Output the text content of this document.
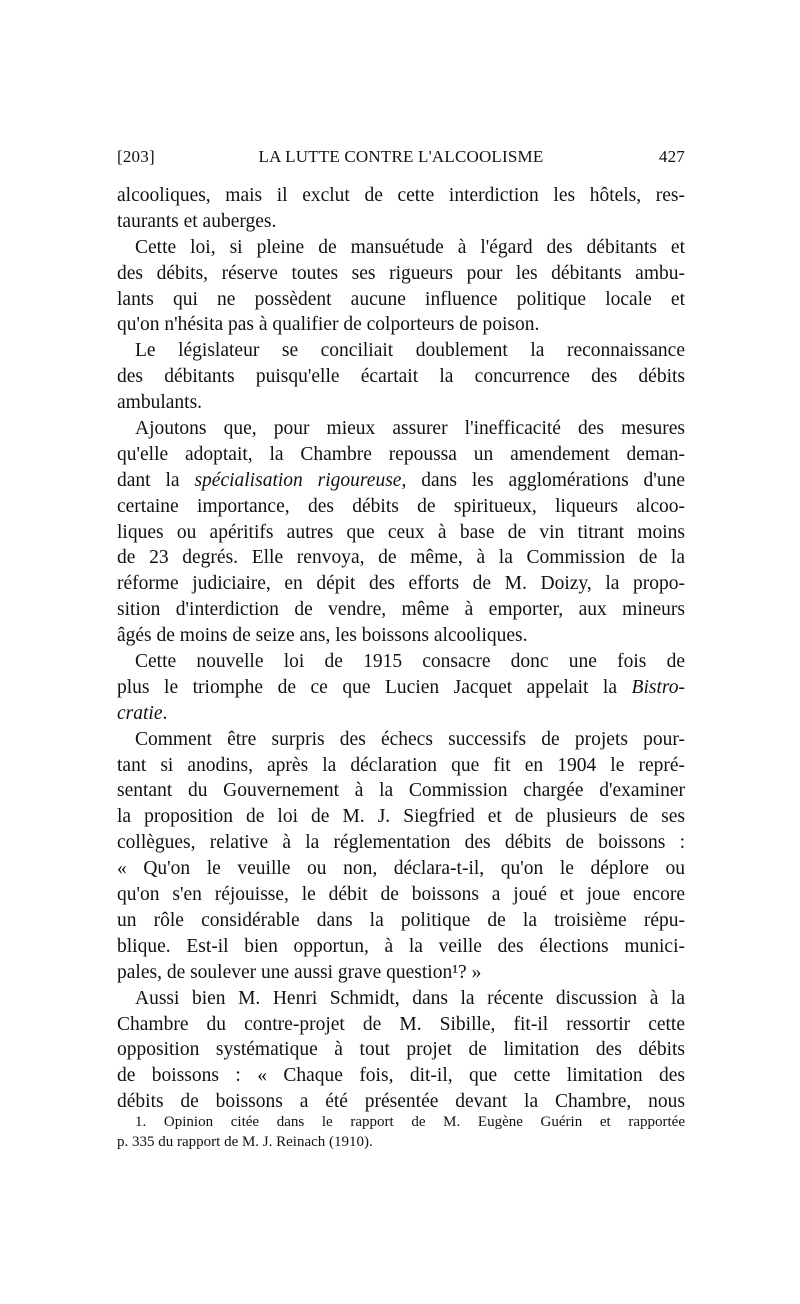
[203]	LA LUTTE CONTRE L'ALCOOLISME	427
alcooliques, mais il exclut de cette interdiction les hôtels, res-
taurants et auberges.
Cette loi, si pleine de mansuétude à l'égard des débitants et
des débits, réserve toutes ses rigueurs pour les débitants ambu-
lants qui ne possèdent aucune influence politique locale et
qu'on n'hésita pas à qualifier de colporteurs de poison.
Le législateur se conciliait doublement la reconnaissance
des débitants puisqu'elle écartait la concurrence des débits
ambulants.
Ajoutons que, pour mieux assurer l'inefficacité des mesures
qu'elle adoptait, la Chambre repoussa un amendement deman-
dant la spécialisation rigoureuse, dans les agglomérations d'une
certaine importance, des débits de spiritueux, liqueurs alcoo-
liques ou apéritifs autres que ceux à base de vin titrant moins
de 23 degrés. Elle renvoya, de même, à la Commission de la
réforme judiciaire, en dépit des efforts de M. Doizy, la propo-
sition d'interdiction de vendre, même à emporter, aux mineurs
âgés de moins de seize ans, les boissons alcooliques.
Cette nouvelle loi de 1915 consacre donc une fois de
plus le triomphe de ce que Lucien Jacquet appelait la Bistro-
cratie.
Comment être surpris des échecs successifs de projets pour-
tant si anodins, après la déclaration que fit en 1904 le repré-
sentant du Gouvernement à la Commission chargée d'examiner
la proposition de loi de M. J. Siegfried et de plusieurs de ses
collègues, relative à la réglementation des débits de boissons :
« Qu'on le veuille ou non, déclara-t-il, qu'on le déplore ou
qu'on s'en réjouisse, le débit de boissons a joué et joue encore
un rôle considérable dans la politique de la troisième répu-
blique. Est-il bien opportun, à la veille des élections munici-
pales, de soulever une aussi grave question¹? »
Aussi bien M. Henri Schmidt, dans la récente discussion à la
Chambre du contre-projet de M. Sibille, fit-il ressortir cette
opposition systématique à tout projet de limitation des débits
de boissons : « Chaque fois, dit-il, que cette limitation des
débits de boissons a été présentée devant la Chambre, nous
1. Opinion citée dans le rapport de M. Eugène Guérin et rapportée
p. 335 du rapport de M. J. Reinach (1910).
